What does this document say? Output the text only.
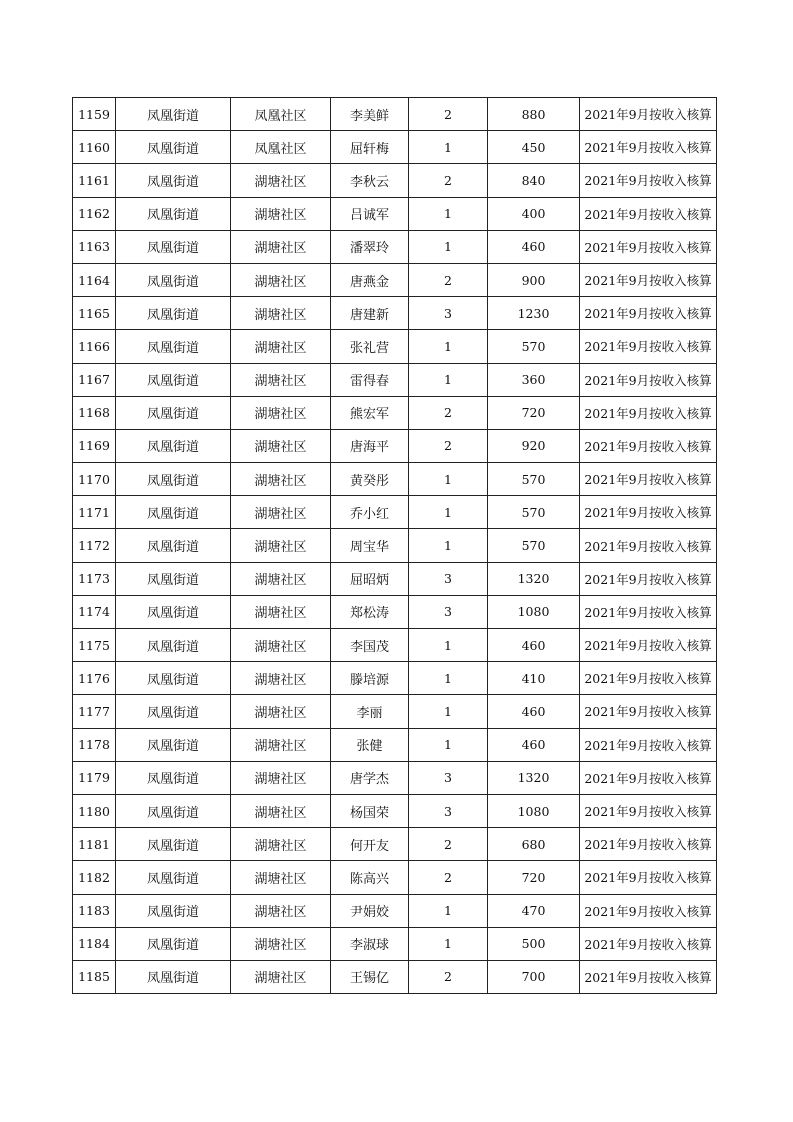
1159	凤凰街道	凤凰社区	李美鲜	2	880	2021年9月按收入核算
1160	凤凰街道	凤凰社区	屈轩梅	1	450	2021年9月按收入核算
1161	凤凰街道	湖塘社区	李秋云	2	840	2021年9月按收入核算
1162	凤凰街道	湖塘社区	吕诚军	1	400	2021年9月按收入核算
1163	凤凰街道	湖塘社区	潘翠玲	1	460	2021年9月按收入核算
1164	凤凰街道	湖塘社区	唐燕金	2	900	2021年9月按收入核算
1165	凤凰街道	湖塘社区	唐建新	3	1230	2021年9月按收入核算
1166	凤凰街道	湖塘社区	张礼营	1	570	2021年9月按收入核算
1167	凤凰街道	湖塘社区	雷得春	1	360	2021年9月按收入核算
1168	凤凰街道	湖塘社区	熊宏军	2	720	2021年9月按收入核算
1169	凤凰街道	湖塘社区	唐海平	2	920	2021年9月按收入核算
1170	凤凰街道	湖塘社区	黄癸彤	1	570	2021年9月按收入核算
1171	凤凰街道	湖塘社区	乔小红	1	570	2021年9月按收入核算
1172	凤凰街道	湖塘社区	周宝华	1	570	2021年9月按收入核算
1173	凤凰街道	湖塘社区	屈昭炳	3	1320	2021年9月按收入核算
1174	凤凰街道	湖塘社区	郑松涛	3	1080	2021年9月按收入核算
1175	凤凰街道	湖塘社区	李国茂	1	460	2021年9月按收入核算
1176	凤凰街道	湖塘社区	滕培源	1	410	2021年9月按收入核算
1177	凤凰街道	湖塘社区	李丽	1	460	2021年9月按收入核算
1178	凤凰街道	湖塘社区	张健	1	460	2021年9月按收入核算
1179	凤凰街道	湖塘社区	唐学杰	3	1320	2021年9月按收入核算
1180	凤凰街道	湖塘社区	杨国荣	3	1080	2021年9月按收入核算
1181	凤凰街道	湖塘社区	何开友	2	680	2021年9月按收入核算
1182	凤凰街道	湖塘社区	陈高兴	2	720	2021年9月按收入核算
1183	凤凰街道	湖塘社区	尹娟姣	1	470	2021年9月按收入核算
1184	凤凰街道	湖塘社区	李淑球	1	500	2021年9月按收入核算
1185	凤凰街道	湖塘社区	王锡亿	2	700	2021年9月按收入核算
